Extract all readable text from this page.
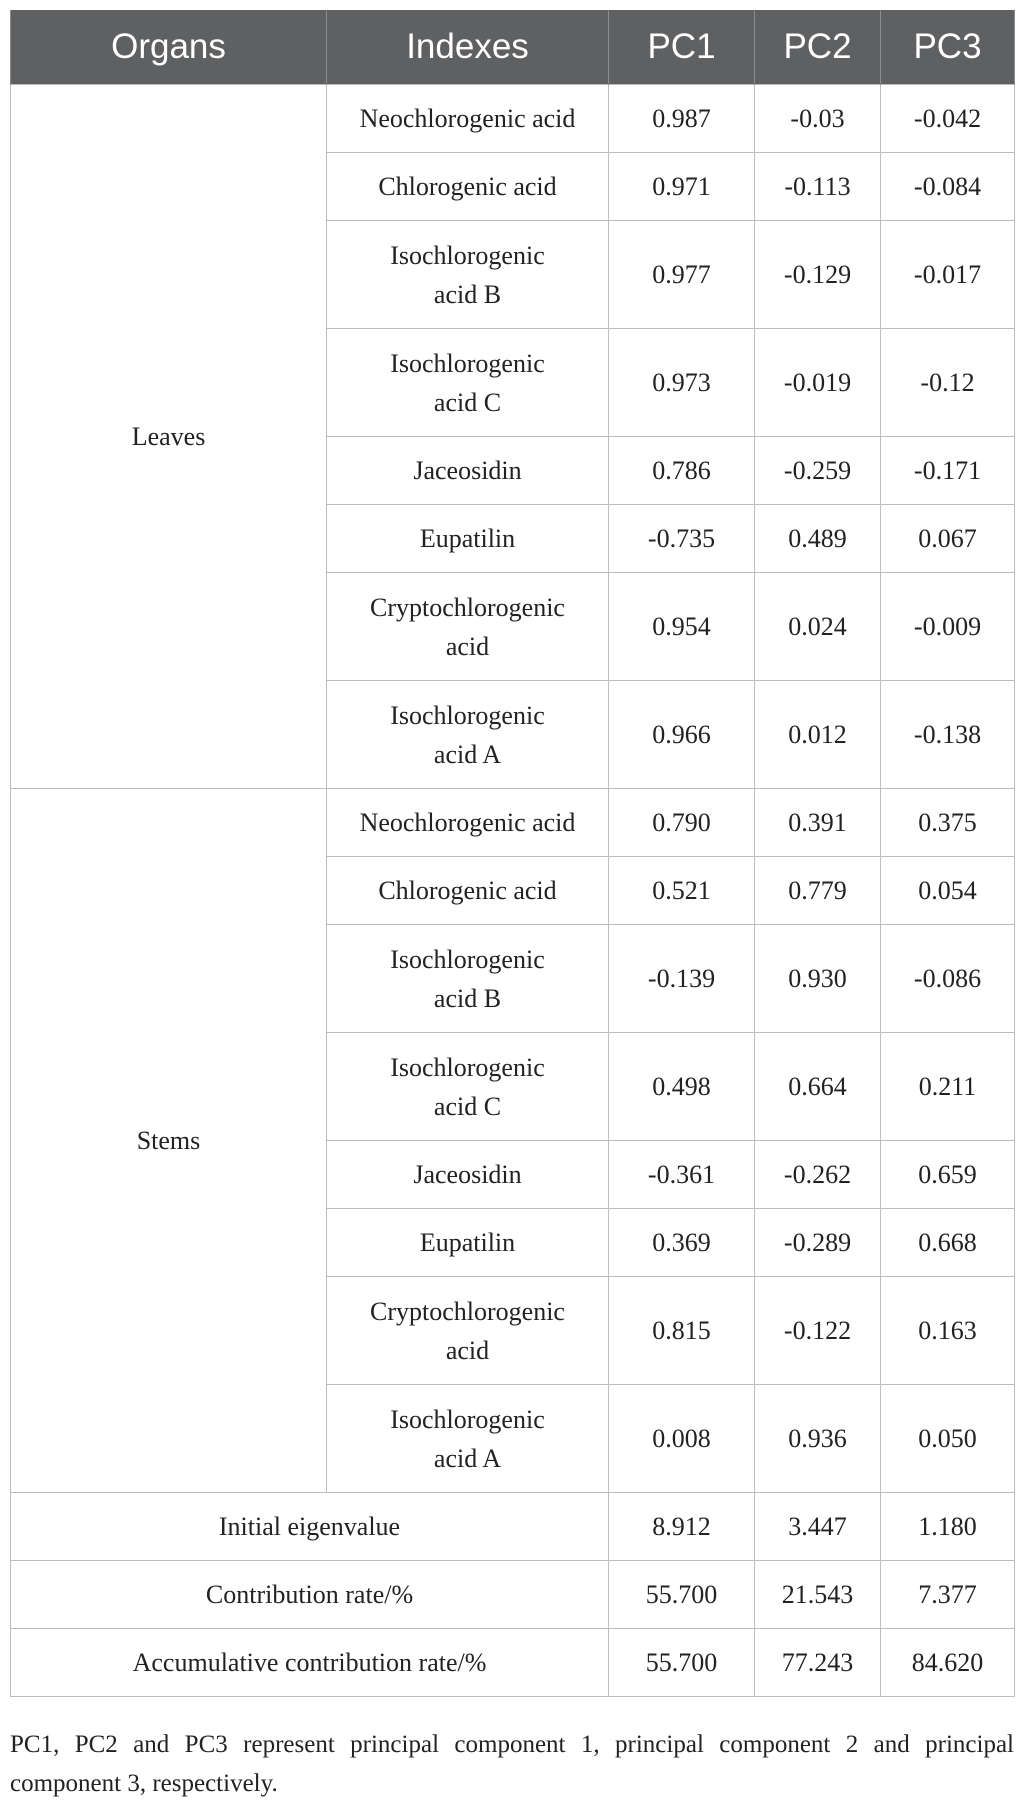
Organs	Indexes	PC1	PC2	PC3
Leaves	Neochlorogenic acid	0.987	-0.03	-0.042
	Chlorogenic acid	0.971	-0.113	-0.084
	Isochlorogenic
acid B	0.977	-0.129	-0.017
	Isochlorogenic
acid C	0.973	-0.019	-0.12
	Jaceosidin	0.786	-0.259	-0.171
	Eupatilin	-0.735	0.489	0.067
	Cryptochlorogenic
acid	0.954	0.024	-0.009
	Isochlorogenic
acid A	0.966	0.012	-0.138
Stems	Neochlorogenic acid	0.790	0.391	0.375
	Chlorogenic acid	0.521	0.779	0.054
	Isochlorogenic
acid B	-0.139	0.930	-0.086
	Isochlorogenic
acid C	0.498	0.664	0.211
	Jaceosidin	-0.361	-0.262	0.659
	Eupatilin	0.369	-0.289	0.668
	Cryptochlorogenic
acid	0.815	-0.122	0.163
	Isochlorogenic
acid A	0.008	0.936	0.050
Initial eigenvalue		8.912	3.447	1.180
Contribution rate/%		55.700	21.543	7.377
Accumulative contribution rate/%		55.700	77.243	84.620
PC1, PC2 and PC3 represent principal component 1, principal component 2 and principal component 3, respectively.
